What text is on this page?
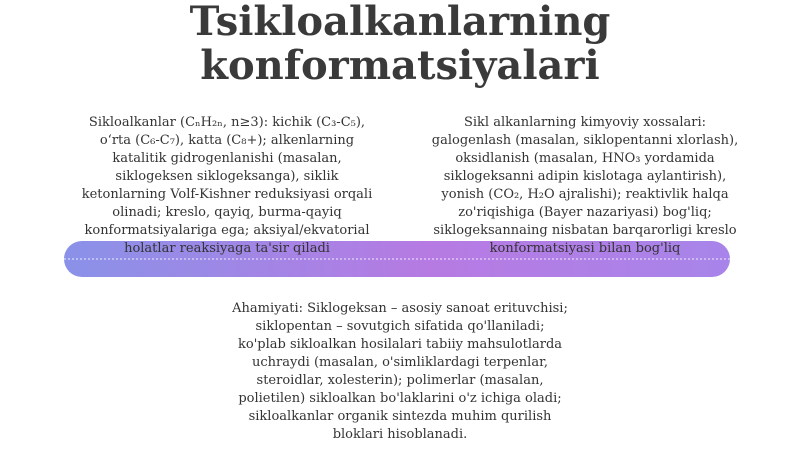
Tsikloalkanlarning
konformatsiyalari

Sikloalkanlar (CₙH₂ₙ, n≥3): kichik (C₃-C₅), oʻrta (C₆-C₇), katta (C₈+); alkenlarning katalitik gidrogenlanishi (masalan, siklogeksen siklogeksanga), siklik ketonlarning Volf-Kishner reduksiyasi orqali olinadi; kreslo, qayiq, burma-qayiq konformatsiyalariga ega; aksiyal/ekvatorial holatlar reaksiyaga ta'sir qiladi

Sikl alkanlarning kimyoviy xossalari: galogenlash (masalan, siklopentanni xlorlash), oksidlanish (masalan, HNO₃ yordamida siklogeksanni adipin kislotaga aylantirish), yonish (CO₂, H₂O ajralishi); reaktivlik halqa zo'riqishiga (Bayer nazariyasi) bog'liq; siklogeksannaing nisbatan barqarorligi kreslo konformatsiyasi bilan bog'liq

Ahamiyati: Siklogeksan – asosiy sanoat erituvchisi; siklopentan – sovutgich sifatida qo'llaniladi; ko'plab sikloalkan hosilalari tabiiy mahsulotlarda uchraydi (masalan, o'simliklardagi terpenlar, steroidlar, xolesterin); polimerlar (masalan, polietilen) sikloalkan bo'laklarini o'z ichiga oladi; sikloalkanlar organik sintezda muhim qurilish bloklari hisoblanadi.
